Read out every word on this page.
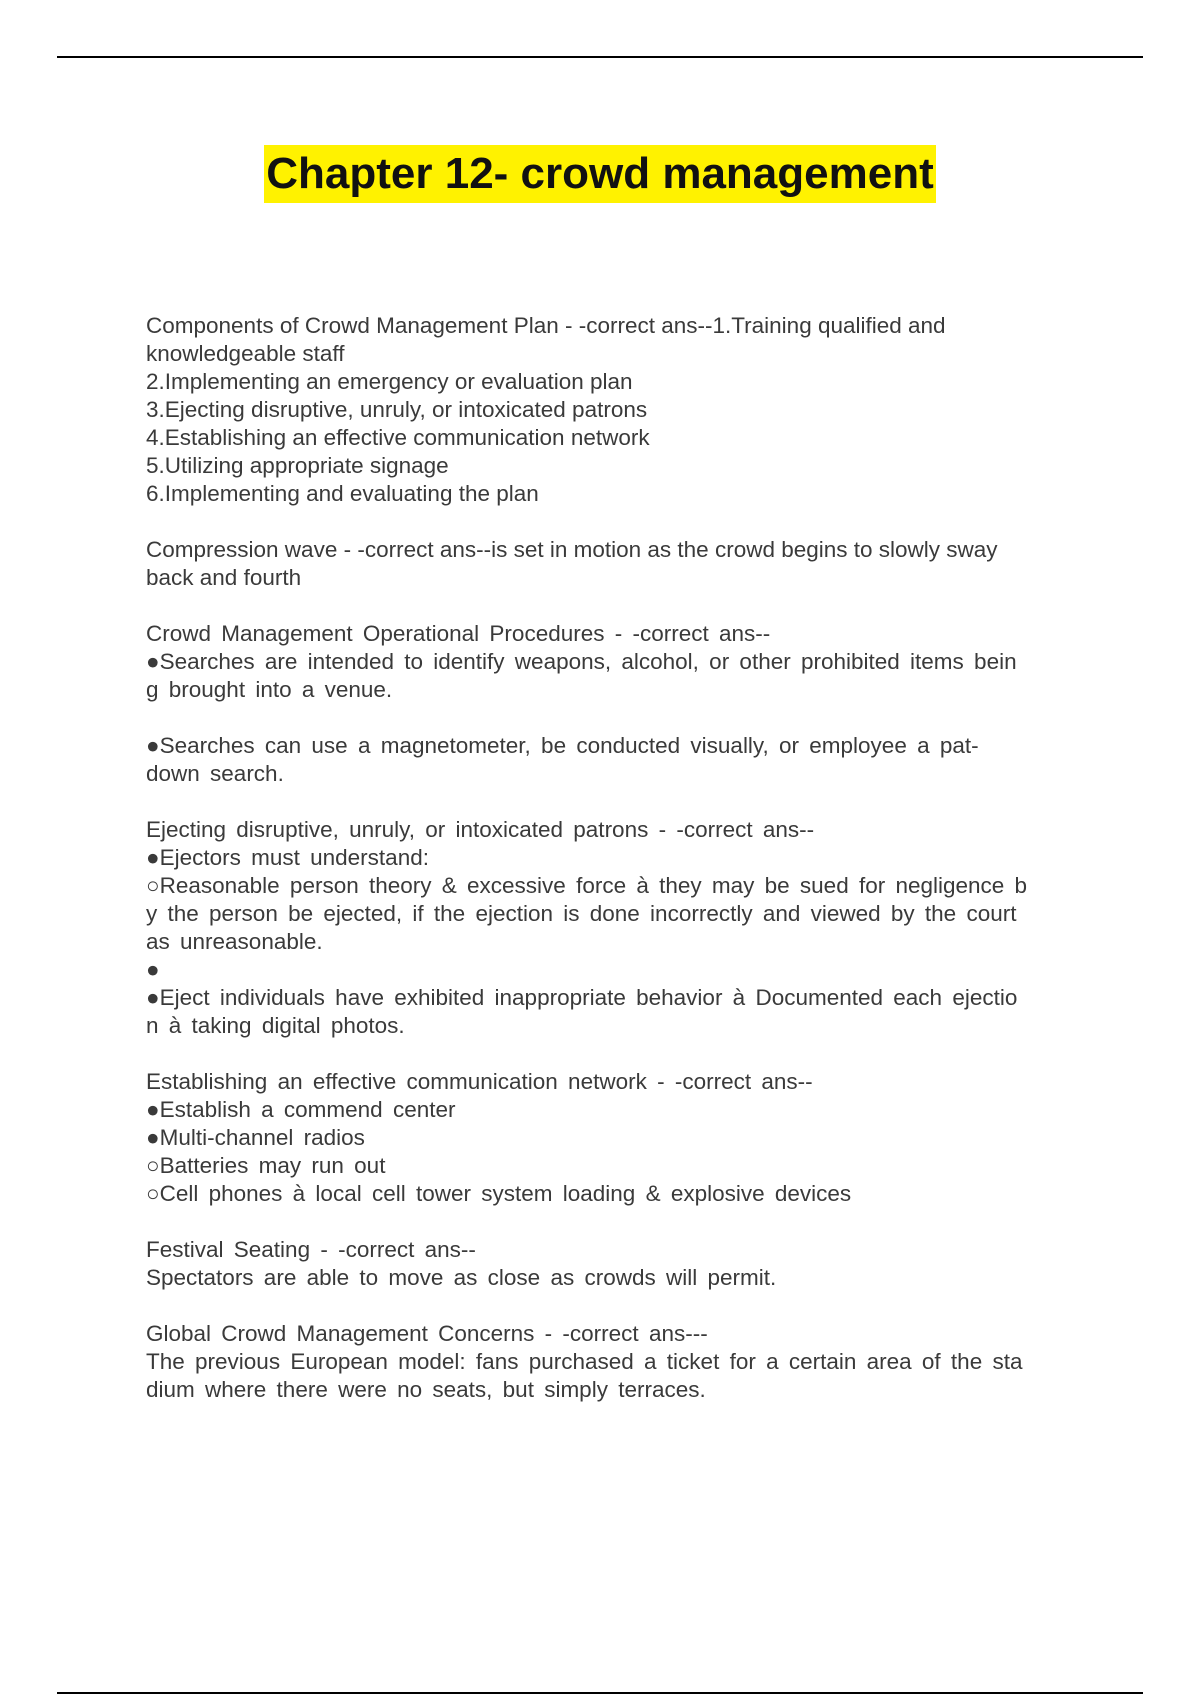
Chapter 12- crowd management
Components of Crowd Management Plan - -correct ans--1.Training qualified and
knowledgeable staff
2.Implementing an emergency or evaluation plan
3.Ejecting disruptive, unruly, or intoxicated patrons
4.Establishing an effective communication network
5.Utilizing appropriate signage
6.Implementing and evaluating the plan
Compression wave - -correct ans--is set in motion as the crowd begins to slowly sway
back and fourth
Crowd Management Operational Procedures - -correct ans--
●Searches are intended to identify weapons, alcohol, or other prohibited items bein
g brought into a venue.
●Searches can use a magnetometer, be conducted visually, or employee a pat-
down search.
Ejecting disruptive, unruly, or intoxicated patrons - -correct ans--
●Ejectors must understand:
○Reasonable person theory & excessive force à they may be sued for negligence b
y the person be ejected, if the ejection is done incorrectly and viewed by the court
as unreasonable.
●
●Eject individuals have exhibited inappropriate behavior à Documented each ejectio
n à taking digital photos.
Establishing an effective communication network - -correct ans--
●Establish a commend center
●Multi-channel radios
○Batteries may run out
○Cell phones à local cell tower system loading & explosive devices
Festival Seating - -correct ans--
Spectators are able to move as close as crowds will permit.
Global Crowd Management Concerns - -correct ans---
The previous European model: fans purchased a ticket for a certain area of the sta
dium where there were no seats, but simply terraces.
